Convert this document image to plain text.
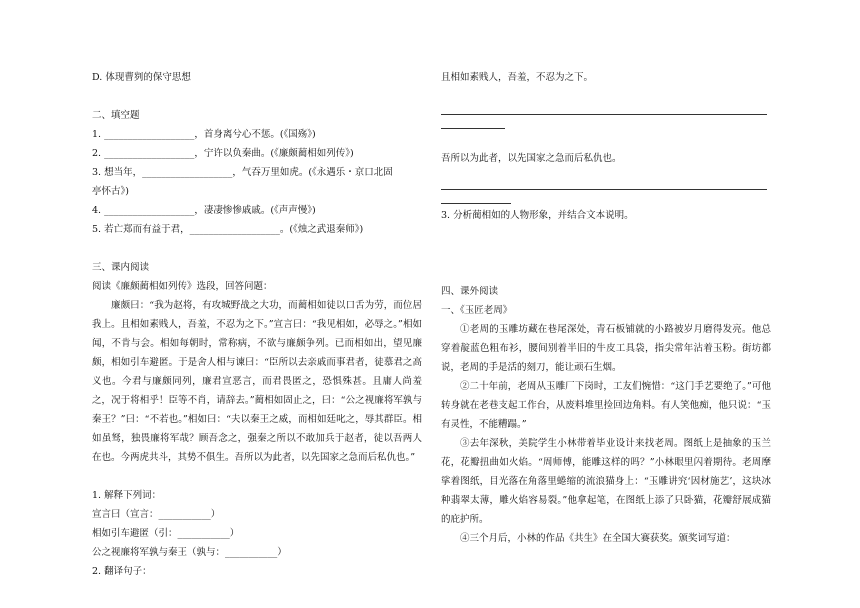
D. 体现曹刿的保守思想
二、填空题
1. ___________________，首身离兮心不惩。(《国殇》)
2. ___________________，宁许以负秦曲。(《廉颇蔺相如列传》)
3. 想当年，___________________，气吞万里如虎。(《永遇乐・京口北固
亭怀古》)
4. ___________________，凄凄惨惨戚戚。(《声声慢》)
5. 若亡郑而有益于君，___________________。(《烛之武退秦师》)
三、课内阅读
阅读《廉颇蔺相如列传》选段，回答问题：
廉颇曰：“我为赵将，有攻城野战之大功，而蔺相如徒以口舌为劳，而位居我上。且相如素贱人，吾羞，不忍为之下。”宣言曰：“我见相如，必辱之。”相如闻，不肯与会。相如每朝时，常称病，不欲与廉颇争列。已而相如出，望见廉颇，相如引车避匿。于是舍人相与谏曰：“臣所以去亲戚而事君者，徒慕君之高义也。今君与廉颇同列，廉君宣恶言，而君畏匿之，恐惧殊甚。且庸人尚羞之，况于将相乎！臣等不肖，请辞去。”蔺相如固止之，曰：“公之视廉将军孰与秦王？”曰：“不若也。”相如曰：“夫以秦王之威，而相如廷叱之，辱其群臣。相如虽驽，独畏廉将军哉？顾吾念之，强秦之所以不敢加兵于赵者，徒以吾两人在也。今两虎共斗，其势不俱生。吾所以为此者，以先国家之急而后私仇也。”
1. 解释下列词：
宣言曰（宣言：___________）
相如引车避匿（引：___________）
公之视廉将军孰与秦王（孰与：___________）
2. 翻译句子：
且相如素贱人，吾羞，不忍为之下。
吾所以为此者，以先国家之急而后私仇也。
3. 分析蔺相如的人物形象，并结合文本说明。
四、课外阅读
一、《玉匠老周》
①老周的玉雕坊藏在巷尾深处，青石板铺就的小路被岁月磨得发亮。他总穿着靛蓝色粗布衫，腰间别着半旧的牛皮工具袋，指尖常年沾着玉粉。街坊都说，老周的手是活的刻刀，能让顽石生烟。
②二十年前，老周从玉雕厂下岗时，工友们惋惜：“这门手艺要绝了。”可他转身就在老巷支起工作台，从废料堆里捡回边角料。有人笑他痴，他只说：“玉有灵性，不能糟蹋。”
③去年深秋，美院学生小林带着毕业设计来找老周。图纸上是抽象的玉兰花，花瓣扭曲如火焰。“周师傅，能雕这样的吗？”小林眼里闪着期待。老周摩挲着图纸，目光落在角落里蜷缩的流浪猫身上：“玉雕讲究‘因材施艺’，这块冰种翡翠太薄，雕火焰容易裂。”他拿起笔，在图纸上添了只卧猫，花瓣舒展成猫的庇护所。
④三个月后，小林的作品《共生》在全国大赛获奖。颁奖词写道：
